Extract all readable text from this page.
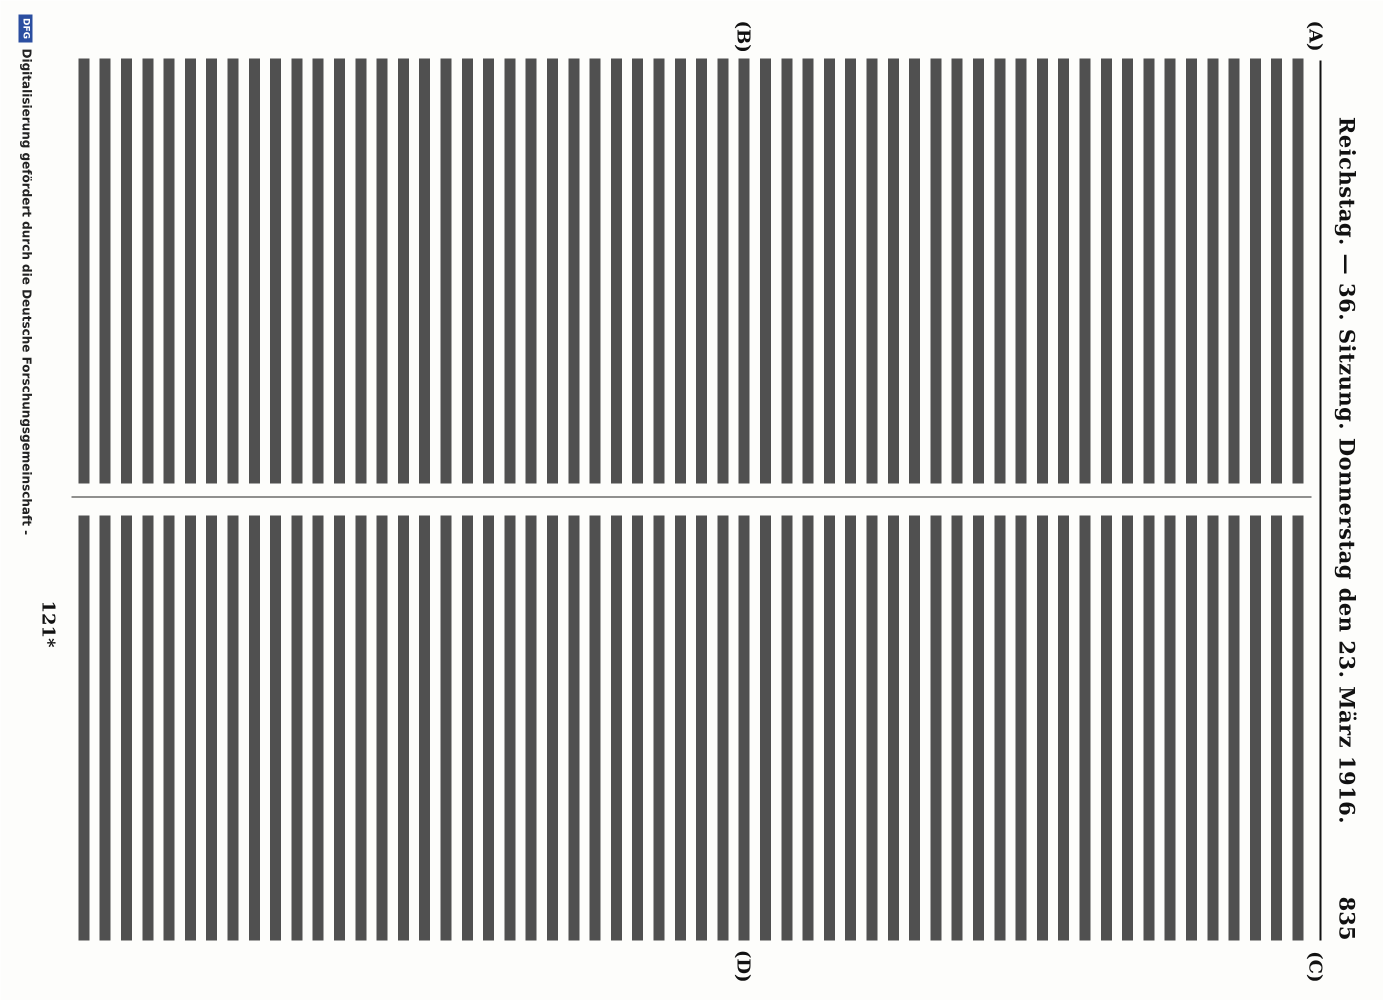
Reichstag. — 36. Sitzung. Donnerstag den 23. März 1916.
835
(A)
(B)
(C)
(D)
121*
DFG
Digitalisierung gefördert durch die Deutsche Forschungsgemeinschaft -
